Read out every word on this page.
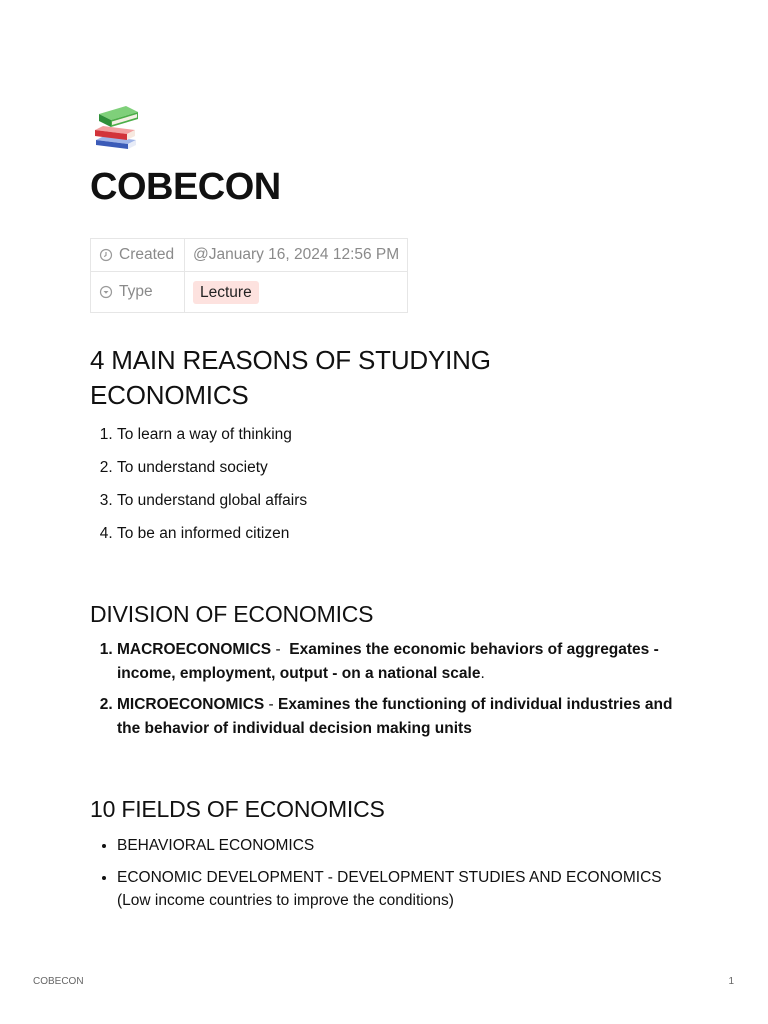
COBECON
Created	@January 16, 2024 12:56 PM
Type	Lecture
4 MAIN REASONS OF STUDYING
ECONOMICS
1. To learn a way of thinking
2. To understand society
3. To understand global affairs
4. To be an informed citizen
DIVISION OF ECONOMICS
1. MACROECONOMICS -  Examines the economic behaviors of aggregates - income, employment, output - on a national scale.
2. MICROECONOMICS - Examines the functioning of individual industries and the behavior of individual decision making units
10 FIELDS OF ECONOMICS
• BEHAVIORAL ECONOMICS
• ECONOMIC DEVELOPMENT - DEVELOPMENT STUDIES AND ECONOMICS
(Low income countries to improve the conditions)
COBECON	1
